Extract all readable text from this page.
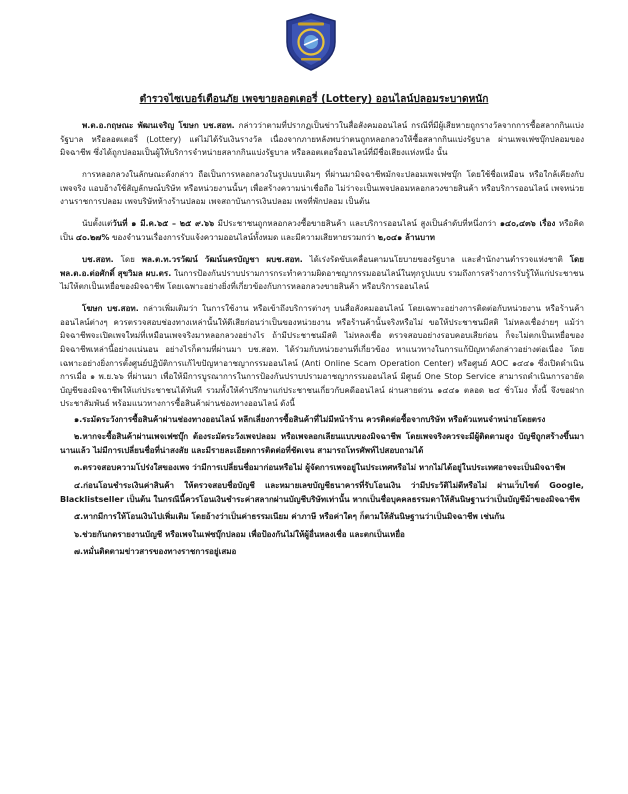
ตำรวจไซเบอร์เตือนภัย เพจขายลอตเตอรี่ (Lottery) ออนไลน์ปลอมระบาดหนัก

พ.ต.อ.กฤษณะ พัฒนเจริญ โฆษก บช.สอท. กล่าวว่าตามที่ปรากฏเป็นข่าวในสื่อสังคมออนไลน์ กรณีที่มีผู้เสียหายถูกรางวัลจากการซื้อสลากกินแบ่งรัฐบาล หรือลอตเตอรี่ (Lottery) แต่ไม่ได้รับเงินรางวัล เนื่องจากภายหลังพบว่าตนถูกหลอกลวงให้ซื้อสลากกินแบ่งรัฐบาล ผ่านเพจเฟซบุ๊กปลอมของมิจฉาชีพ ซึ่งได้ถูกปลอมเป็นผู้ให้บริการจำหน่ายสลากกินแบ่งรัฐบาล หรือลอตเตอรี่ออนไลน์ที่มีชื่อเสียงแห่งหนึ่ง นั้น

การหลอกลวงในลักษณะดังกล่าว ถือเป็นการหลอกลวงในรูปแบบเดิมๆ ที่ผ่านมามิจฉาชีพมักจะปลอมเพจเฟซบุ๊ก โดยใช้ชื่อเหมือน หรือใกล้เคียงกับเพจจริง แอบอ้างใช้สัญลักษณ์บริษัท หรือหน่วยงานนั้นๆ เพื่อสร้างความน่าเชื่อถือ ไม่ว่าจะเป็นเพจปลอมหลอกลวงขายสินค้า หรือบริการออนไลน์ เพจหน่วยงานราชการปลอม เพจบริษัทห้างร้านปลอม เพจสถาบันการเงินปลอม เพจที่พักปลอม เป็นต้น

นับตั้งแต่วันที่ ๑ มี.ค.๖๕ – ๒๕ ๙.๖๖ มีประชาชนถูกหลอกลวงซื้อขายสินค้า และบริการออนไลน์ สูงเป็นลำดับที่หนึ่งกว่า ๑๔๐,๔๓๖ เรื่อง หรือคิดเป็น ๔๐.๒๗% ของจำนวนเรื่องการรับแจ้งความออนไลน์ทั้งหมด และมีความเสียหายรวมกว่า ๒,๐๔๑ ล้านบาท

บช.สอท. โดย พล.ต.ท.วรวัฒน์ วัฒน์นครบัญชา ผบช.สอท. ได้เร่งรัดขับเคลื่อนตามนโยบายของรัฐบาล และสำนักงานตำรวจแห่งชาติ โดย พล.ต.อ.ต่อศักดิ์ สุขวิมล ผบ.ตร. ในการป้องกันปราบปรามการกระทำความผิดอาชญากรรมออนไลน์ในทุกรูปแบบ รวมถึงการสร้างการรับรู้ให้แก่ประชาชนไม่ให้ตกเป็นเหยื่อของมิจฉาชีพ โดยเฉพาะอย่างยิ่งที่เกี่ยวข้องกับการหลอกลวงขายสินค้า หรือบริการออนไลน์

โฆษก บช.สอท. กล่าวเพิ่มเติมว่า ในการใช้งาน หรือเข้าถึงบริการต่างๆ บนสื่อสังคมออนไลน์ โดยเฉพาะอย่างการติดต่อกับหน่วยงาน หรือร้านค้าออนไลน์ต่างๆ ควรตรวจสอบช่องทางเหล่านั้นให้ดีเสียก่อนว่าเป็นของหน่วยงาน หรือร้านค้านั้นจริงหรือไม่ ขอให้ประชาชนมีสติ ไม่หลงเชื่อง่ายๆ แม้ว่ามิจฉาชีพจะเปิดเพจใหม่ที่เหมือนเพจจริงมาหลอกลวงอย่างไร ถ้ามีประชาชนมีสติ ไม่หลงเชื่อ ตรวจสอบอย่างรอบคอบเสียก่อน ก็จะไม่ตกเป็นเหยื่อของมิจฉาชีพเหล่านี้อย่างแน่นอน อย่างไรก็ตามที่ผ่านมา บช.สอท. ได้ร่วมกับหน่วยงานที่เกี่ยวข้อง หาแนวทางในการแก้ปัญหาดังกล่าวอย่างต่อเนื่อง โดยเฉพาะอย่างยิ่งการตั้งศูนย์ปฏิบัติการแก้ไขปัญหาอาชญากรรมออนไลน์ (Anti Online Scam Operation Center) หรือศูนย์ AOC ๑๔๔๑ ซึ่งเปิดดำเนินการเมื่อ ๑ พ.ย.๖๖ ที่ผ่านมา เพื่อให้มีการบูรณาการในการป้องกันปราบปรามอาชญากรรมออนไลน์ มีศูนย์ One Stop Service สามารถดำเนินการอายัดบัญชีของมิจฉาชีพให้แก่ประชาชนได้ทันที รวมทั้งให้คำปรึกษาแก่ประชาชนเกี่ยวกับคดีออนไลน์ ผ่านสายด่วน ๑๔๔๑ ตลอด ๒๔ ชั่วโมง ทั้งนี้ จึงขอฝากประชาสัมพันธ์ พร้อมแนวทางการซื้อสินค้าผ่านช่องทางออนไลน์ ดังนี้

๑.ระมัดระวังการซื้อสินค้าผ่านช่องทางออนไลน์ หลีกเลี่ยงการซื้อสินค้าที่ไม่มีหน้าร้าน ควรติดต่อซื้อจากบริษัท หรือตัวแทนจำหน่ายโดยตรง
๒.หากจะซื้อสินค้าผ่านเพจเฟซบุ๊ก ต้องระมัดระวังเพจปลอม หรือเพจลอกเลียนแบบของมิจฉาชีพ โดยเพจจริงควรจะมีผู้ติดตามสูง บัญชีถูกสร้างขึ้นมานานแล้ว ไม่มีการเปลี่ยนชื่อที่น่าสงสัย และมีรายละเอียดการติดต่อที่ชัดเจน สามารถโทรศัพท์ไปสอบถามได้
๓.ตรวจสอบความโปร่งใสของเพจ ว่ามีการเปลี่ยนชื่อมาก่อนหรือไม่ ผู้จัดการเพจอยู่ในประเทศหรือไม่ หากไม่ได้อยู่ในประเทศอาจจะเป็นมิจฉาชีพ
๔.ก่อนโอนชำระเงินค่าสินค้า ให้ตรวจสอบชื่อบัญชี และหมายเลขบัญชีธนาคารที่รับโอนเงิน ว่ามีประวัติไม่ดีหรือไม่ ผ่านเว็บไซต์ Google, Blacklistseller เป็นต้น ในกรณีนี้ควรโอนเงินชำระค่าสลากผ่านบัญชีบริษัทเท่านั้น หากเป็นชื่อบุคคลธรรมดาให้สันนิษฐานว่าเป็นบัญชีม้าของมิจฉาชีพ
๕.หากมีการให้โอนเงินไปเพิ่มเติม โดยอ้างว่าเป็นค่าธรรมเนียม ค่าภาษี หรือค่าใดๆ ก็ตามให้สันนิษฐานว่าเป็นมิจฉาชีพ เช่นกัน
๖.ช่วยกันกดรายงานบัญชี หรือเพจในเฟซบุ๊กปลอม เพื่อป้องกันไม่ให้ผู้อื่นหลงเชื่อ และตกเป็นเหยื่อ
๗.หมั่นติดตามข่าวสารของทางราชการอยู่เสมอ
